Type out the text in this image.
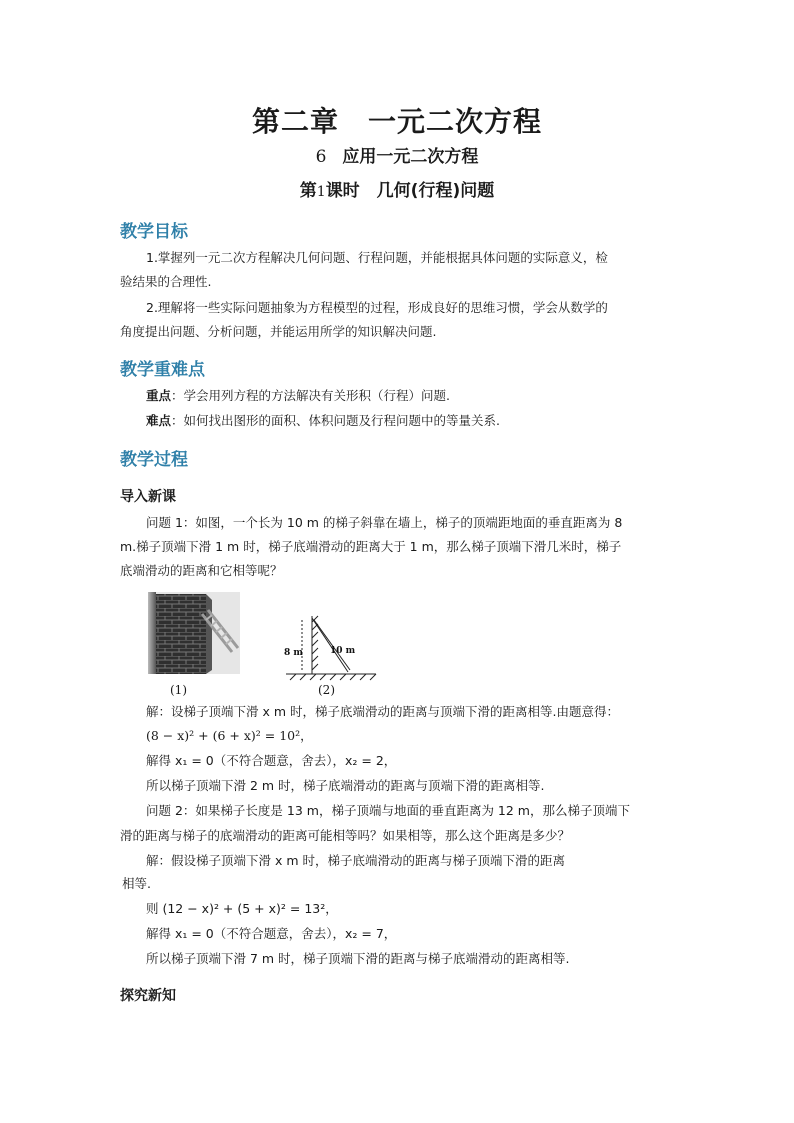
第二章　一元二次方程
6 应用一元二次方程
第1课时　几何(行程)问题
教学目标
1.掌握列一元二次方程解决几何问题、行程问题，并能根据具体问题的实际意义，检
验结果的合理性.
2.理解将一些实际问题抽象为方程模型的过程，形成良好的思维习惯，学会从数学的
角度提出问题、分析问题，并能运用所学的知识解决问题.
教学重难点
重点：学会用列方程的方法解决有关形积（行程）问题.
难点：如何找出图形的面积、体积问题及行程问题中的等量关系.
教学过程
导入新课
问题 1：如图，一个长为 10 m 的梯子斜靠在墙上，梯子的顶端距地面的垂直距离为 8
m.梯子顶端下滑 1 m 时，梯子底端滑动的距离大于 1 m，那么梯子顶端下滑几米时，梯子
底端滑动的距离和它相等呢？
(1)
8 m	10 m
(2)
解：设梯子顶端下滑 x m 时，梯子底端滑动的距离与顶端下滑的距离相等.由题意得：
(8 − x)² + (6 + x)² = 10²，
解得 x₁ = 0（不符合题意，舍去），x₂ = 2，
所以梯子顶端下滑 2 m 时，梯子底端滑动的距离与顶端下滑的距离相等.
问题 2：如果梯子长度是 13 m，梯子顶端与地面的垂直距离为 12 m，那么梯子顶端下
滑的距离与梯子的底端滑动的距离可能相等吗？如果相等，那么这个距离是多少？
解：假设梯子顶端下滑 x m 时，梯子底端滑动的距离与梯子顶端下滑的距离
相等.
则 (12 − x)² + (5 + x)² = 13²，
解得 x₁ = 0（不符合题意，舍去），x₂ = 7，
所以梯子顶端下滑 7 m 时，梯子顶端下滑的距离与梯子底端滑动的距离相等.
探究新知
